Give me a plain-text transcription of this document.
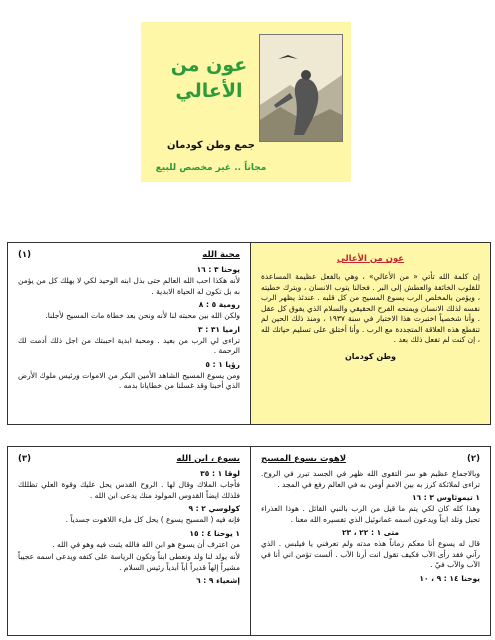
عون من
الأعالي
جمع وطن كودمان
مجاناً .. غير مخصص للبيع
محبة الله
(١)
يوحنا ٣ : ١٦
لأنه هكذا احب الله العالم حتى بذل ابنه الوحيد لكي لا يهلك كل من يؤمن به بل تكون له الحياة الابدية .
رومية ٥ : ٨
ولكن الله بين محبته لنا لأنه ونحن بعد خطاة مات المسيح لأجلنا.
ارميا ٣١ : ٣
تراءى لي الرب من بعيد . ومحبة ابدية احببتك من اجل ذلك أدمت لك الرحمة .
رؤيا ١ : ٥
ومن يسوع المسيح الشاهد الأمين البكر من الاموات ورئيس ملوك الأرض الذي أحبنا وقد غسلنا من خطايانا بدمه .
عون من الأعالي
إن كلمة الله تأتي « من الأعالي» ، وهي بالفعل عظيمة المساعدة للقلوب الخائفة والعطش إلى البر . فحالنا يتوب الانسان ، ويترك خطيته ، ويؤمن بالمخلص الرب يسوع المسيح من كل قلبه . عندئذ يظهر الرب نفسه لذلك الانسان ويمنحه الفرح الحقيقي والسلام الذي يفوق كل عقل . وأنا شخصياً اختبرت هذا الاختبار في سنة ١٩٣٧ ، ومنذ ذلك الحين لم تنقطع هذه العلاقة المتجددة مع الرب . وأنا أختلق على تسليم حياتك لله ، إن كنت لم تفعل ذلك بعد .
وطن كودمان
يسوع ، ابن الله
(٣)
لوقا ١ : ٣٥
فأجاب الملاك وقال لها . الروح القدس يحل عليك وقوة العلي تظللك فلذلك ايضاً القدوس المولود منك يدعى ابن الله .
كولوسي ٢ : ٩
فإنه فيه ( المسيح يسوع ) يحل كل ملء اللاهوت جسدياً .
١ يوحنا ٤ : ١٥
من اعترف أن يسوع هو ابن الله فالله يثبت فيه وهو في الله .
لأنه يولد لنا ولد ونعطى ابناً وتكون الرياسة على كتفه ويدعى اسمه عجيباً مشيراً إلهاً قديراً أباً أبدياً رئيس السلام .
إشعياء ٩ : ٦
(٢)
لاهوت يسوع المسيح
وبالاجماع عظيم هو سر التقوى الله ظهر في الجسد تبرر في الروح. تراءى لملائكة كرز به بين الامم أومن به في العالم رفع في المجد .
١ تيموثاوس ٣ : ١٦
وهذا كله كان لكي يتم ما قيل من الرب بالنبي القائل . هوذا العذراء تحبل وتلد ابناً ويدعون اسمه عمانوئيل الذي تفسيره الله معنا .
متى ١ : ٢٢ ، ٢٣
قال له يسوع أنا معكم زماناً هذه مدته ولم تعرفني يا فيلبس . الذي رآني فقد رأى الآب فكيف تقول انت أرنا الآب . ألست تؤمن اني أنا في الآب والآب فيّ .
يوحنا ١٤ : ٩ ، ١٠
